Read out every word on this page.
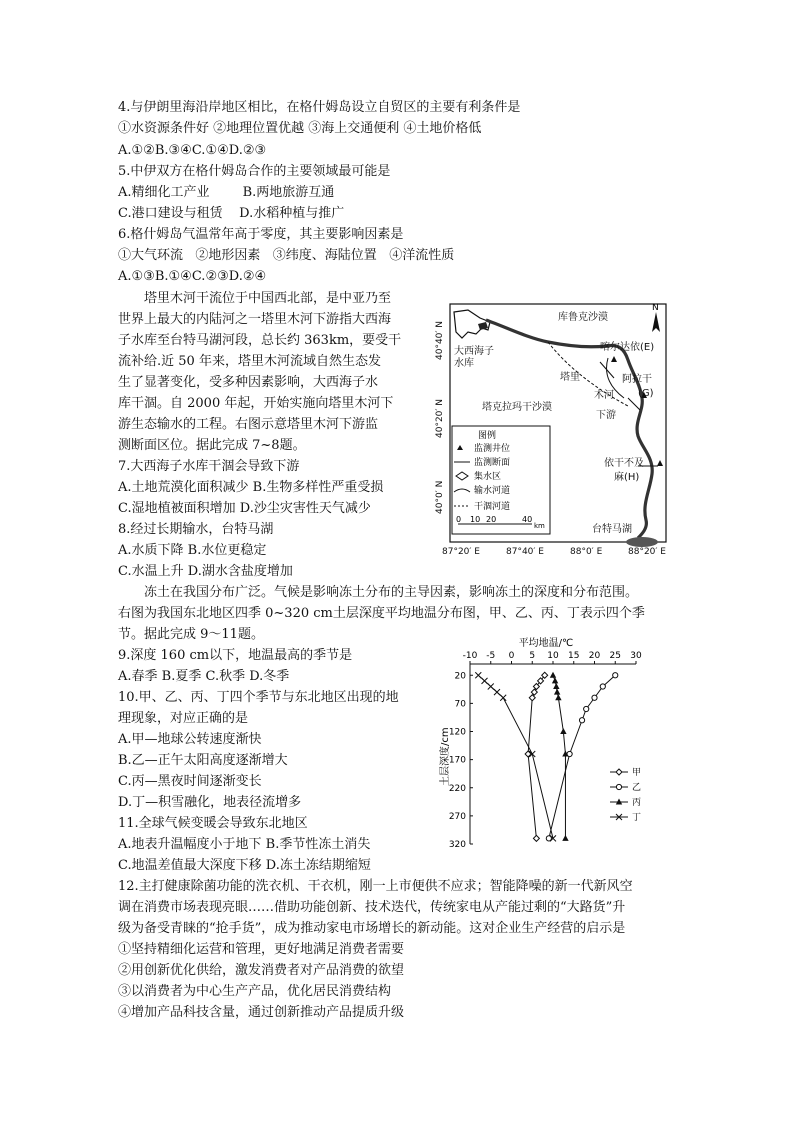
4.与伊朗里海沿岸地区相比，在格什姆岛设立自贸区的主要有利条件是
①水资源条件好 ②地理位置优越 ③海上交通便利 ④土地价格低
A.①②B.③④C.①④D.②③
5.中伊双方在格什姆岛合作的主要领域最可能是
A.精细化工产业        B.两地旅游互通
C.港口建设与租赁    D.水稻种植与推广
6.格什姆岛气温常年高于零度，其主要影响因素是
①大气环流   ②地形因素   ③纬度、海陆位置   ④洋流性质
A.①③B.①④C.②③D.②④
塔里木河干流位于中国西北部，是中亚乃至
世界上最大的内陆河之一塔里木河下游指大西海
子水库至台特马湖河段，总长约 363km，要受干
流补给.近 50 年来，塔里木河流域自然生态发
生了显著变化，受多种因素影响，大西海子水
库干涸。自 2000 年起，开始实施向塔里木河下
游生态输水的工程。右图示意塔里木河下游监
测断面区位。据此完成 7~8题。
7.大西海子水库干涸会导致下游
A.土地荒漠化面积减少 B.生物多样性严重受损
C.湿地植被面积增加 D.沙尘灾害性天气减少
8.经过长期输水，台特马湖
A.水质下降 B.水位更稳定
C.水温上升 D.湖水含盐度增加
冻土在我国分布广泛。气候是影响冻土分布的主导因素，影响冻土的深度和分布范围。
右图为我国东北地区四季 0~320 cm土层深度平均地温分布图，甲、乙、丙、丁表示四个季
节。据此完成 9～11题。
9.深度 160 cm以下，地温最高的季节是
A.春季 B.夏季 C.秋季 D.冬季
10.甲、乙、丙、丁四个季节与东北地区出现的地
理现象，对应正确的是
A.甲—地球公转速度渐快
B.乙—正午太阳高度逐渐增大
C.丙—黑夜时间逐渐变长
D.丁—积雪融化，地表径流增多
11.全球气候变暖会导致东北地区
A.地表升温幅度小于地下 B.季节性冻土消失
C.地温差值最大深度下移 D.冻土冻结期缩短
12.主打健康除菌功能的洗衣机、干衣机，刚一上市便供不应求；智能降噪的新一代新风空
调在消费市场表现亮眼……借助功能创新、技术迭代，传统家电从产能过剩的“大路货”升
级为备受青睐的“抢手货”，成为推动家电市场增长的新动能。这对企业生产经营的启示是
①坚持精细化运营和管理，更好地满足消费者需要
②用创新优化供给，激发消费者对产品消费的欲望
③以消费者为中心生产产品，优化居民消费结构
④增加产品科技含量，通过创新推动产品提质升级
40°40′ N
40°20′ N
40°0′ N
87°20′ E	87°40′ E	88°0′ E	88°20′ E
N
库鲁克沙漠
塔克拉玛干沙漠
大西海子
水库
喀尔达依(E)
阿拉干
(G)
塔里
木河
下游
依干不及
麻(H)
台特马湖
图例
监测井位
监测断面
集水区
输水河道
干涸河道
0 10 20	40
km
平均地温/℃
-10 -5 0 5 10 15 20 25 30
20
70
120
170
220
270
320
土层深度/cm	甲
乙
丙
丁
